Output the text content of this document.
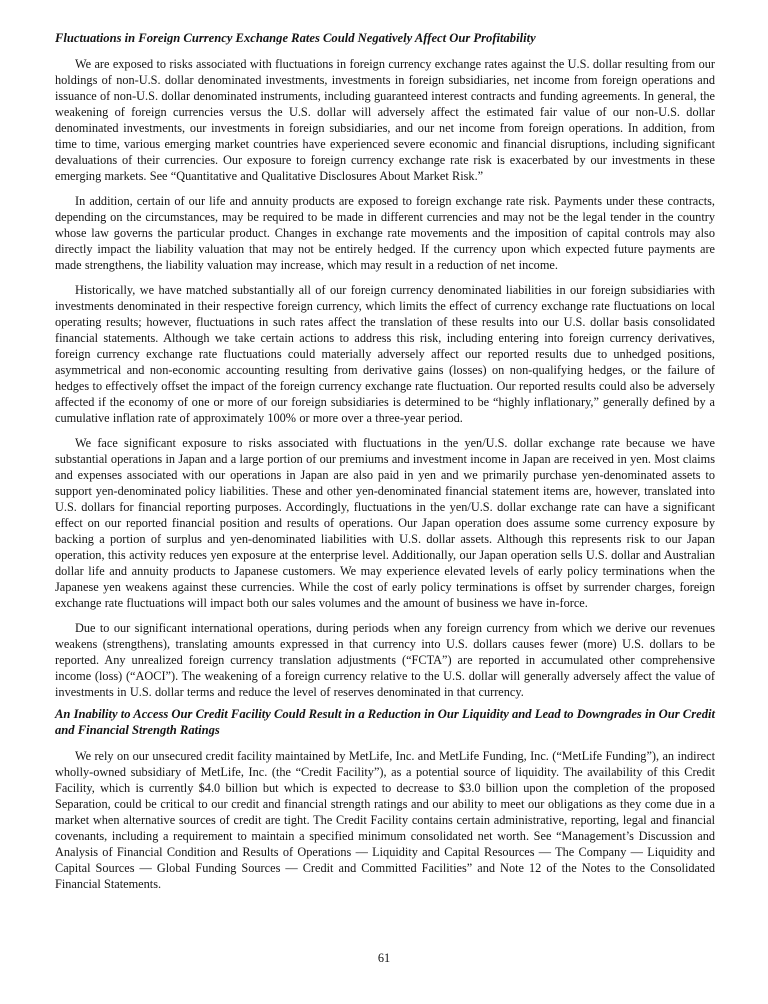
Fluctuations in Foreign Currency Exchange Rates Could Negatively Affect Our Profitability

We are exposed to risks associated with fluctuations in foreign currency exchange rates against the U.S. dollar resulting from our holdings of non-U.S. dollar denominated investments, investments in foreign subsidiaries, net income from foreign operations and issuance of non-U.S. dollar denominated instruments, including guaranteed interest contracts and funding agreements. In general, the weakening of foreign currencies versus the U.S. dollar will adversely affect the estimated fair value of our non-U.S. dollar denominated investments, our investments in foreign subsidiaries, and our net income from foreign operations. In addition, from time to time, various emerging market countries have experienced severe economic and financial disruptions, including significant devaluations of their currencies. Our exposure to foreign currency exchange rate risk is exacerbated by our investments in these emerging markets. See “Quantitative and Qualitative Disclosures About Market Risk.”

In addition, certain of our life and annuity products are exposed to foreign exchange rate risk. Payments under these contracts, depending on the circumstances, may be required to be made in different currencies and may not be the legal tender in the country whose law governs the particular product. Changes in exchange rate movements and the imposition of capital controls may also directly impact the liability valuation that may not be entirely hedged. If the currency upon which expected future payments are made strengthens, the liability valuation may increase, which may result in a reduction of net income.

Historically, we have matched substantially all of our foreign currency denominated liabilities in our foreign subsidiaries with investments denominated in their respective foreign currency, which limits the effect of currency exchange rate fluctuations on local operating results; however, fluctuations in such rates affect the translation of these results into our U.S. dollar basis consolidated financial statements. Although we take certain actions to address this risk, including entering into foreign currency derivatives, foreign currency exchange rate fluctuations could materially adversely affect our reported results due to unhedged positions, asymmetrical and non-economic accounting resulting from derivative gains (losses) on non-qualifying hedges, or the failure of hedges to effectively offset the impact of the foreign currency exchange rate fluctuation. Our reported results could also be adversely affected if the economy of one or more of our foreign subsidiaries is determined to be “highly inflationary,” generally defined by a cumulative inflation rate of approximately 100% or more over a three-year period.

We face significant exposure to risks associated with fluctuations in the yen/U.S. dollar exchange rate because we have substantial operations in Japan and a large portion of our premiums and investment income in Japan are received in yen. Most claims and expenses associated with our operations in Japan are also paid in yen and we primarily purchase yen-denominated assets to support yen-denominated policy liabilities. These and other yen-denominated financial statement items are, however, translated into U.S. dollars for financial reporting purposes. Accordingly, fluctuations in the yen/U.S. dollar exchange rate can have a significant effect on our reported financial position and results of operations. Our Japan operation does assume some currency exposure by backing a portion of surplus and yen-denominated liabilities with U.S. dollar assets. Although this represents risk to our Japan operation, this activity reduces yen exposure at the enterprise level. Additionally, our Japan operation sells U.S. dollar and Australian dollar life and annuity products to Japanese customers. We may experience elevated levels of early policy terminations when the Japanese yen weakens against these currencies. While the cost of early policy terminations is offset by surrender charges, foreign exchange rate fluctuations will impact both our sales volumes and the amount of business we have in-force.

Due to our significant international operations, during periods when any foreign currency from which we derive our revenues weakens (strengthens), translating amounts expressed in that currency into U.S. dollars causes fewer (more) U.S. dollars to be reported. Any unrealized foreign currency translation adjustments (“FCTA”) are reported in accumulated other comprehensive income (loss) (“AOCI”). The weakening of a foreign currency relative to the U.S. dollar will generally adversely affect the value of investments in U.S. dollar terms and reduce the level of reserves denominated in that currency.

An Inability to Access Our Credit Facility Could Result in a Reduction in Our Liquidity and Lead to Downgrades in Our Credit and Financial Strength Ratings

We rely on our unsecured credit facility maintained by MetLife, Inc. and MetLife Funding, Inc. (“MetLife Funding”), an indirect wholly-owned subsidiary of MetLife, Inc. (the “Credit Facility”), as a potential source of liquidity. The availability of this Credit Facility, which is currently $4.0 billion but which is expected to decrease to $3.0 billion upon the completion of the proposed Separation, could be critical to our credit and financial strength ratings and our ability to meet our obligations as they come due in a market when alternative sources of credit are tight. The Credit Facility contains certain administrative, reporting, legal and financial covenants, including a requirement to maintain a specified minimum consolidated net worth. See “Management’s Discussion and Analysis of Financial Condition and Results of Operations — Liquidity and Capital Resources — The Company — Liquidity and Capital Sources — Global Funding Sources — Credit and Committed Facilities” and Note 12 of the Notes to the Consolidated Financial Statements.

61
